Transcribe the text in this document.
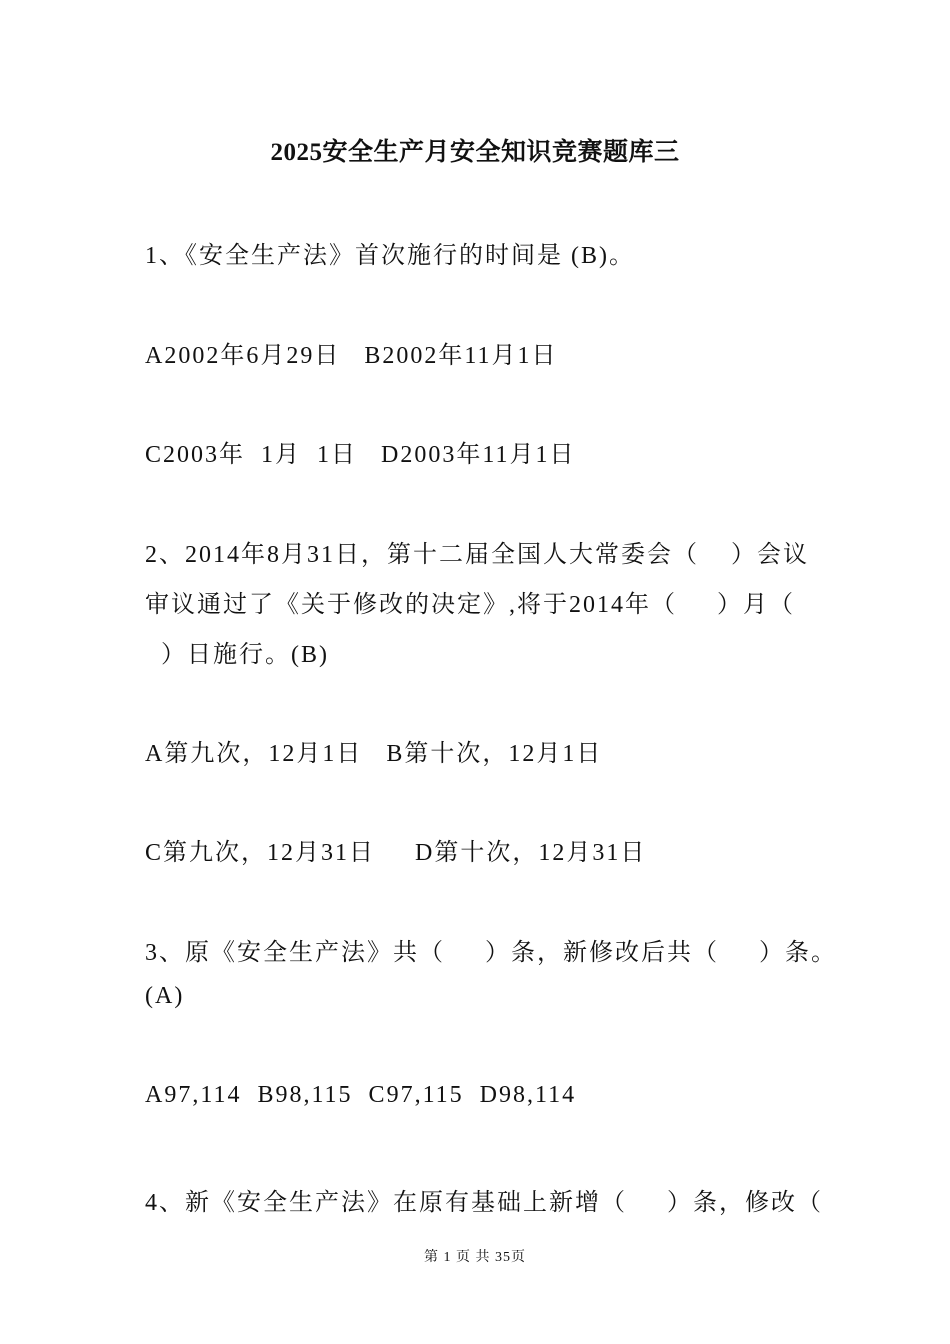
2025安全生产月安全知识竞赛题库三
1、《安全生产法》首次施行的时间是 (B)。
A2002年6月29日   B2002年11月1日
C2003年  1月  1日   D2003年11月1日
2、2014年8月31日，第十二届全国人大常委会（    ）会议
审议通过了《关于修改的决定》,将于2014年（     ）月（
）日施行。(B)
A第九次，12月1日   B第十次，12月1日
C第九次，12月31日     D第十次，12月31日
3、原《安全生产法》共（     ）条，新修改后共（     ）条。
(A)
A97,114  B98,115  C97,115  D98,114
4、新《安全生产法》在原有基础上新增（     ）条，修改（
第 1 页 共 35页
